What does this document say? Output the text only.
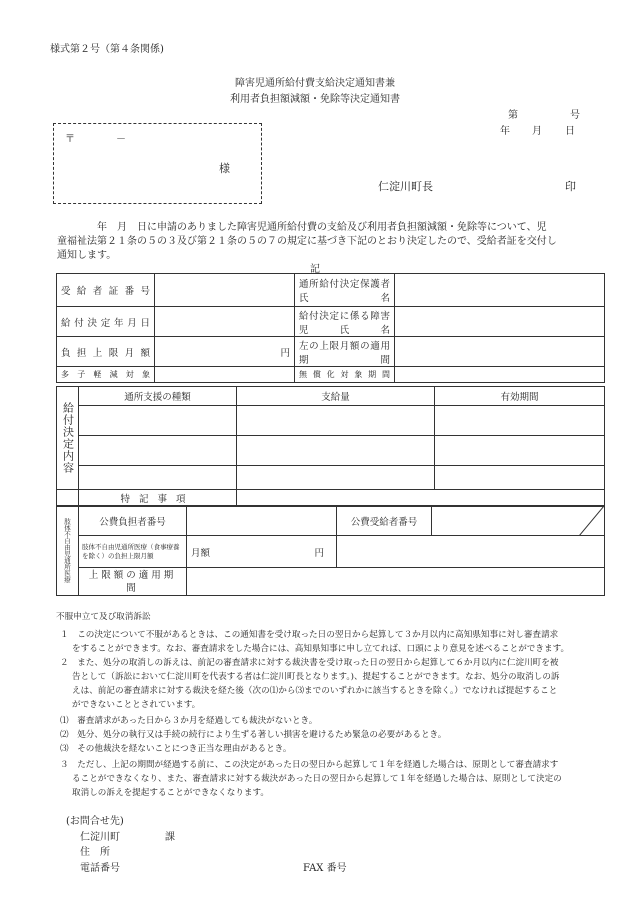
様式第２号（第４条関係)
障害児通所給付費支給決定通知書兼
利用者負担額減額・免除等決定通知書
第	号
年 月 日
〒	－
様
仁淀川町長	印
年　月　日に申請のありました障害児通所給付費の支給及び利用者負担額減額・免除等について、児
童福祉法第２１条の５の３及び第２１条の５の７の規定に基づき下記のとおり決定したので、受給者証を交付し
通知します。
記
受給者証番号		通所給付決定保護者氏名	
給付決定年月日		給付決定に係る障害児氏名	
負担上限月額	円	左の上限月額の適用期間	
多子軽減対象		無償化対象期間	
給付決定内容	通所支援の種類	支給量	有効期間

	特記事項		
肢体不自由児通所医療	公費負担者番号		公費受給者番号	

	肢体不自由児通所医療（食事療養を除く）の負担上限月額	月額 円		

	上限額の適用期間			
不服申立て及び取消訴訟
１　この決定について不服があるときは、この通知書を受け取った日の翌日から起算して３か月以内に高知県知事に対し審査請求
をすることができます。なお、審査請求をした場合には、高知県知事に申し立てれば、口頭により意見を述べることができます。
２　また、処分の取消しの訴えは、前記の審査請求に対する裁決書を受け取った日の翌日から起算して６か月以内に仁淀川町を被
告として（訴訟において仁淀川町を代表する者は仁淀川町長となります。)、提起することができます。なお、処分の取消しの訴
えは、前記の審査請求に対する裁決を経た後（次の⑴から⑶までのいずれかに該当するときを除く。）でなければ提起すること
ができないこととされています。
⑴　審査請求があった日から３か月を経過しても裁決がないとき。
⑵　処分、処分の執行又は手続の続行により生ずる著しい損害を避けるため緊急の必要があるとき。
⑶　その他裁決を経ないことにつき正当な理由があるとき。
３　ただし、上記の期間が経過する前に、この決定があった日の翌日から起算して１年を経過した場合は、原則として審査請求す
ることができなくなり、また、審査請求に対する裁決があった日の翌日から起算して１年を経過した場合は、原則として決定の
取消しの訴えを提起することができなくなります。
(お問合せ先)
仁淀川町	課
住　所
電話番号	FAX 番号
